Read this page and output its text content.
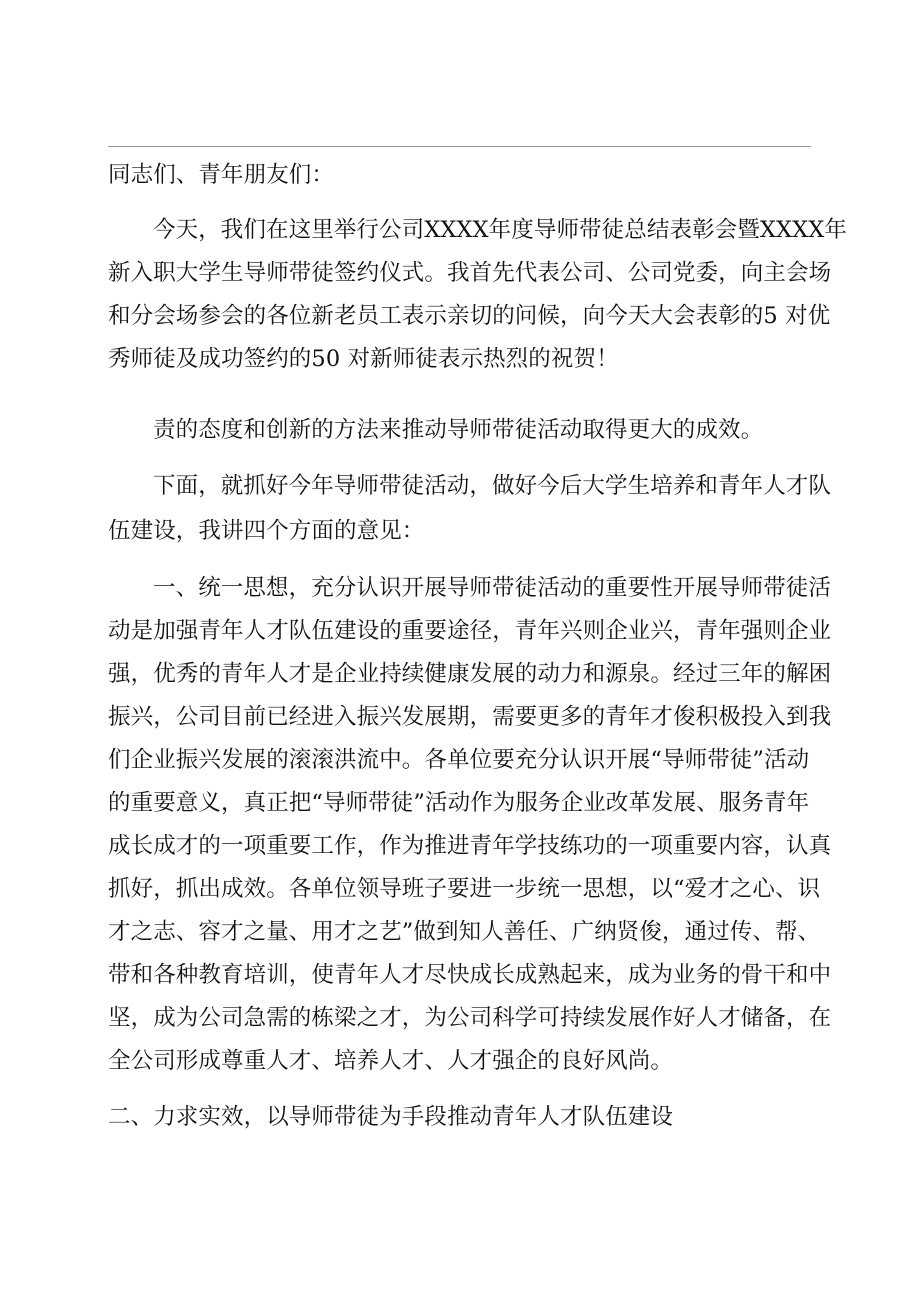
同志们、青年朋友们：
今天，我们在这里举行公司XXXX年度导师带徒总结表彰会暨XXXX年
新入职大学生导师带徒签约仪式。我首先代表公司、公司党委，向主会场
和分会场参会的各位新老员工表示亲切的问候，向今天大会表彰的5 对优
秀师徒及成功签约的50 对新师徒表示热烈的祝贺！
责的态度和创新的方法来推动导师带徒活动取得更大的成效。
下面，就抓好今年导师带徒活动，做好今后大学生培养和青年人才队
伍建设，我讲四个方面的意见：
一、统一思想，充分认识开展导师带徒活动的重要性开展导师带徒活
动是加强青年人才队伍建设的重要途径，青年兴则企业兴，青年强则企业
强，优秀的青年人才是企业持续健康发展的动力和源泉。经过三年的解困
振兴，公司目前已经进入振兴发展期，需要更多的青年才俊积极投入到我
们企业振兴发展的滚滚洪流中。各单位要充分认识开展“导师带徒”活动
的重要意义，真正把“导师带徒”活动作为服务企业改革发展、服务青年
成长成才的一项重要工作，作为推进青年学技练功的一项重要内容，认真
抓好，抓出成效。各单位领导班子要进一步统一思想，以“爱才之心、识
才之志、容才之量、用才之艺”做到知人善任、广纳贤俊，通过传、帮、
带和各种教育培训，使青年人才尽快成长成熟起来，成为业务的骨干和中
坚，成为公司急需的栋梁之才，为公司科学可持续发展作好人才储备，在
全公司形成尊重人才、培养人才、人才强企的良好风尚。
二、力求实效，以导师带徒为手段推动青年人才队伍建设
